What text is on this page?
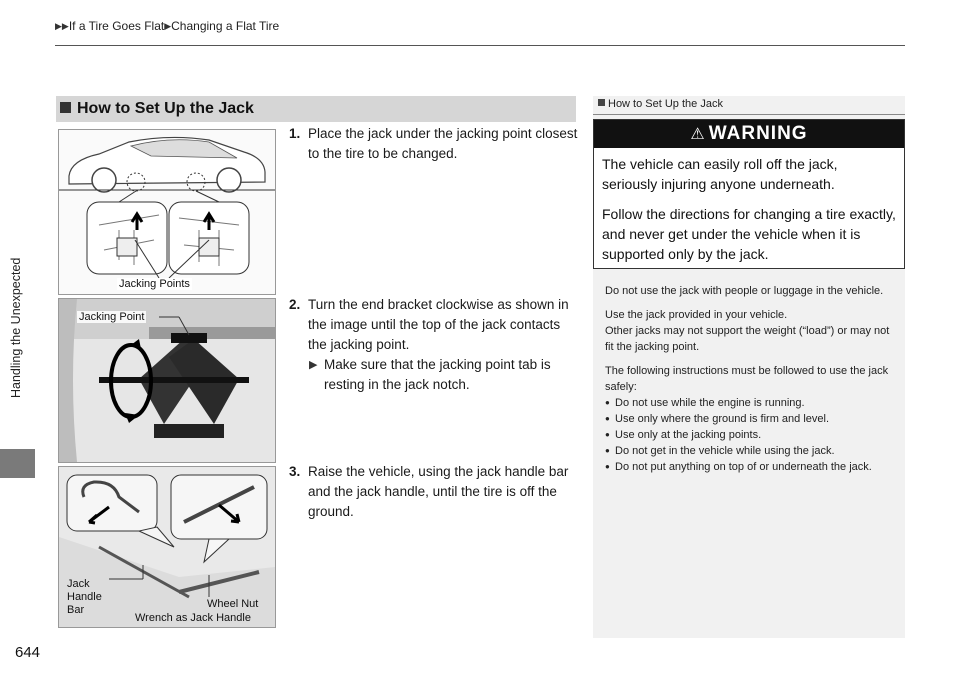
▶▶If a Tire Goes Flat▶Changing a Flat Tire
Handling the Unexpected
644
How to Set Up the Jack
Jacking Points
Jacking Point
Jack
Handle
Bar	Wheel Nut
Wrench as Jack Handle
1. Place the jack under the jacking point closest to the tire to be changed.
2. Turn the end bracket clockwise as shown in the image until the top of the jack contacts the jacking point.
▶ Make sure that the jacking point tab is resting in the jack notch.
3. Raise the vehicle, using the jack handle bar and the jack handle, until the tire is off the ground.
How to Set Up the Jack
⚠ WARNING

The vehicle can easily roll off the jack, seriously injuring anyone underneath.

Follow the directions for changing a tire exactly, and never get under the vehicle when it is supported only by the jack.

Do not use the jack with people or luggage in the vehicle.

Use the jack provided in your vehicle.
Other jacks may not support the weight (“load”) or may not fit the jacking point.

The following instructions must be followed to use the jack safely:

● Do not use while the engine is running.
● Use only where the ground is firm and level.
● Use only at the jacking points.
● Do not get in the vehicle while using the jack.
● Do not put anything on top of or underneath the jack.
